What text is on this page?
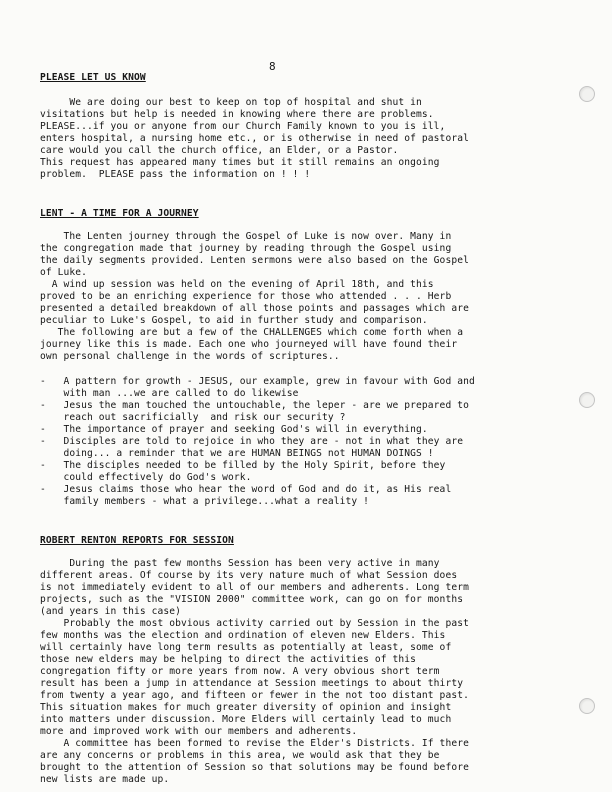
8
PLEASE LET US KNOW
We are doing our best to keep on top of hospital and shut in
visitations but help is needed in knowing where there are problems.
PLEASE...if you or anyone from our Church Family known to you is ill,
enters hospital, a nursing home etc., or is otherwise in need of pastoral
care would you call the church office, an Elder, or a Pastor.
This request has appeared many times but it still remains an ongoing
problem.  PLEASE pass the information on ! ! !
LENT - A TIME FOR A JOURNEY
The Lenten journey through the Gospel of Luke is now over. Many in
the congregation made that journey by reading through the Gospel using
the daily segments provided. Lenten sermons were also based on the Gospel
of Luke.
A wind up session was held on the evening of April 18th, and this
proved to be an enriching experience for those who attended . . . Herb
presented a detailed breakdown of all those points and passages which are
peculiar to Luke's Gospel, to aid in further study and comparison.
The following are but a few of the CHALLENGES which come forth when a
journey like this is made. Each one who journeyed will have found their
own personal challenge in the words of scriptures..
-   A pattern for growth - JESUS, our example, grew in favour with God and
with man ...we are called to do likewise
-   Jesus the man touched the untouchable, the leper - are we prepared to
reach out sacrificially  and risk our security ?
-   The importance of prayer and seeking God's will in everything.
-   Disciples are told to rejoice in who they are - not in what they are
doing... a reminder that we are HUMAN BEINGS not HUMAN DOINGS !
-   The disciples needed to be filled by the Holy Spirit, before they
could effectively do God's work.
-   Jesus claims those who hear the word of God and do it, as His real
family members - what a privilege...what a reality !
ROBERT RENTON REPORTS FOR SESSION
During the past few months Session has been very active in many
different areas. Of course by its very nature much of what Session does
is not immediately evident to all of our members and adherents. Long term
projects, such as the "VISION 2000" committee work, can go on for months
(and years in this case)
Probably the most obvious activity carried out by Session in the past
few months was the election and ordination of eleven new Elders. This
will certainly have long term results as potentially at least, some of
those new elders may be helping to direct the activities of this
congregation fifty or more years from now. A very obvious short term
result has been a jump in attendance at Session meetings to about thirty
from twenty a year ago, and fifteen or fewer in the not too distant past.
This situation makes for much greater diversity of opinion and insight
into matters under discussion. More Elders will certainly lead to much
more and improved work with our members and adherents.
A committee has been formed to revise the Elder's Districts. If there
are any concerns or problems in this area, we would ask that they be
brought to the attention of Session so that solutions may be found before
new lists are made up.
